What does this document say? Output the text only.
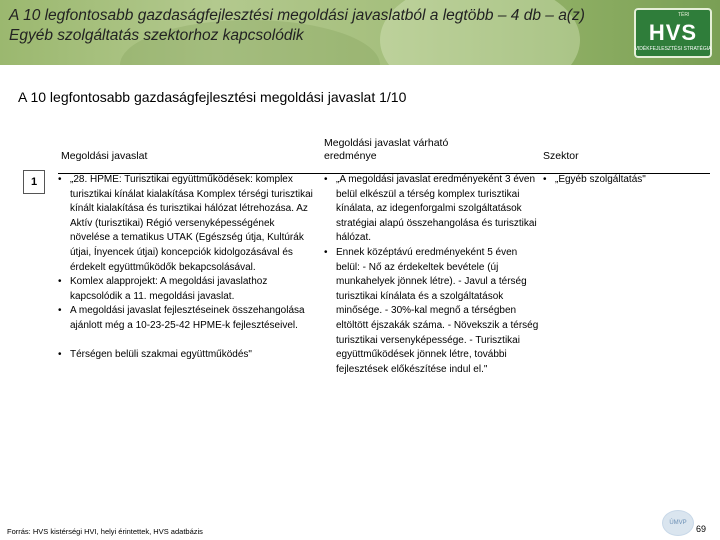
A 10 legfontosabb gazdaságfejlesztési megoldási javaslatból a legtöbb – 4 db – a(z) Egyéb szolgáltatás szektorhoz kapcsolódik
TÉRI
HVS
VIDÉKFEJLESZTÉSI STRATÉGIA
A 10 legfontosabb gazdaságfejlesztési megoldási javaslat 1/10
Megoldási javaslat
Megoldási javaslat várható eredménye	Szektor
1
•	„28. HPME: Turisztikai együttműködések: komplex turisztikai kínálat kialakítása Komplex térségi turisztikai kínált kialakítása és turisztikai hálózat létrehozása. Az Aktív (turisztikai) Régió versenyképességének növelése a tematikus UTAK (Egészség útja, Kultúrák útjai, Ínyencek útjai) koncepciók kidolgozásával és érdekelt együttműködők bekapcsolásával.
• Komlex alapprojekt: A megoldási javaslathoz kapcsolódik a 11. megoldási javaslat.
• A megoldási javaslat fejlesztéseinek összehangolása ajánlott még a 10-23-25-42 HPME-k fejlesztéseivel.
• Térségen belüli szakmai együttműködés"
• „A megoldási javaslat eredményeként 3 éven belül elkészül a térség komplex turisztikai kínálata, az idegenforgalmi szolgáltatások stratégiai alapú összehangolása és turisztikai hálózat.
• Ennek középtávú eredményeként 5 éven belül: - Nő az érdekeltek bevétele (új munkahelyek jönnek létre). - Javul a térség turisztikai kínálata és a szolgáltatások minősége. - 30%-kal megnő a térségben eltöltött éjszakák száma. - Növekszik a térség turisztikai versenyképessége. - Turisztikai együttműködések jönnek létre, további fejlesztések előkészítése indul el."
• „Egyéb szolgáltatás"
Forrás: HVS kistérségi HVI, helyi érintettek, HVS adatbázis
ÚMVP
69
